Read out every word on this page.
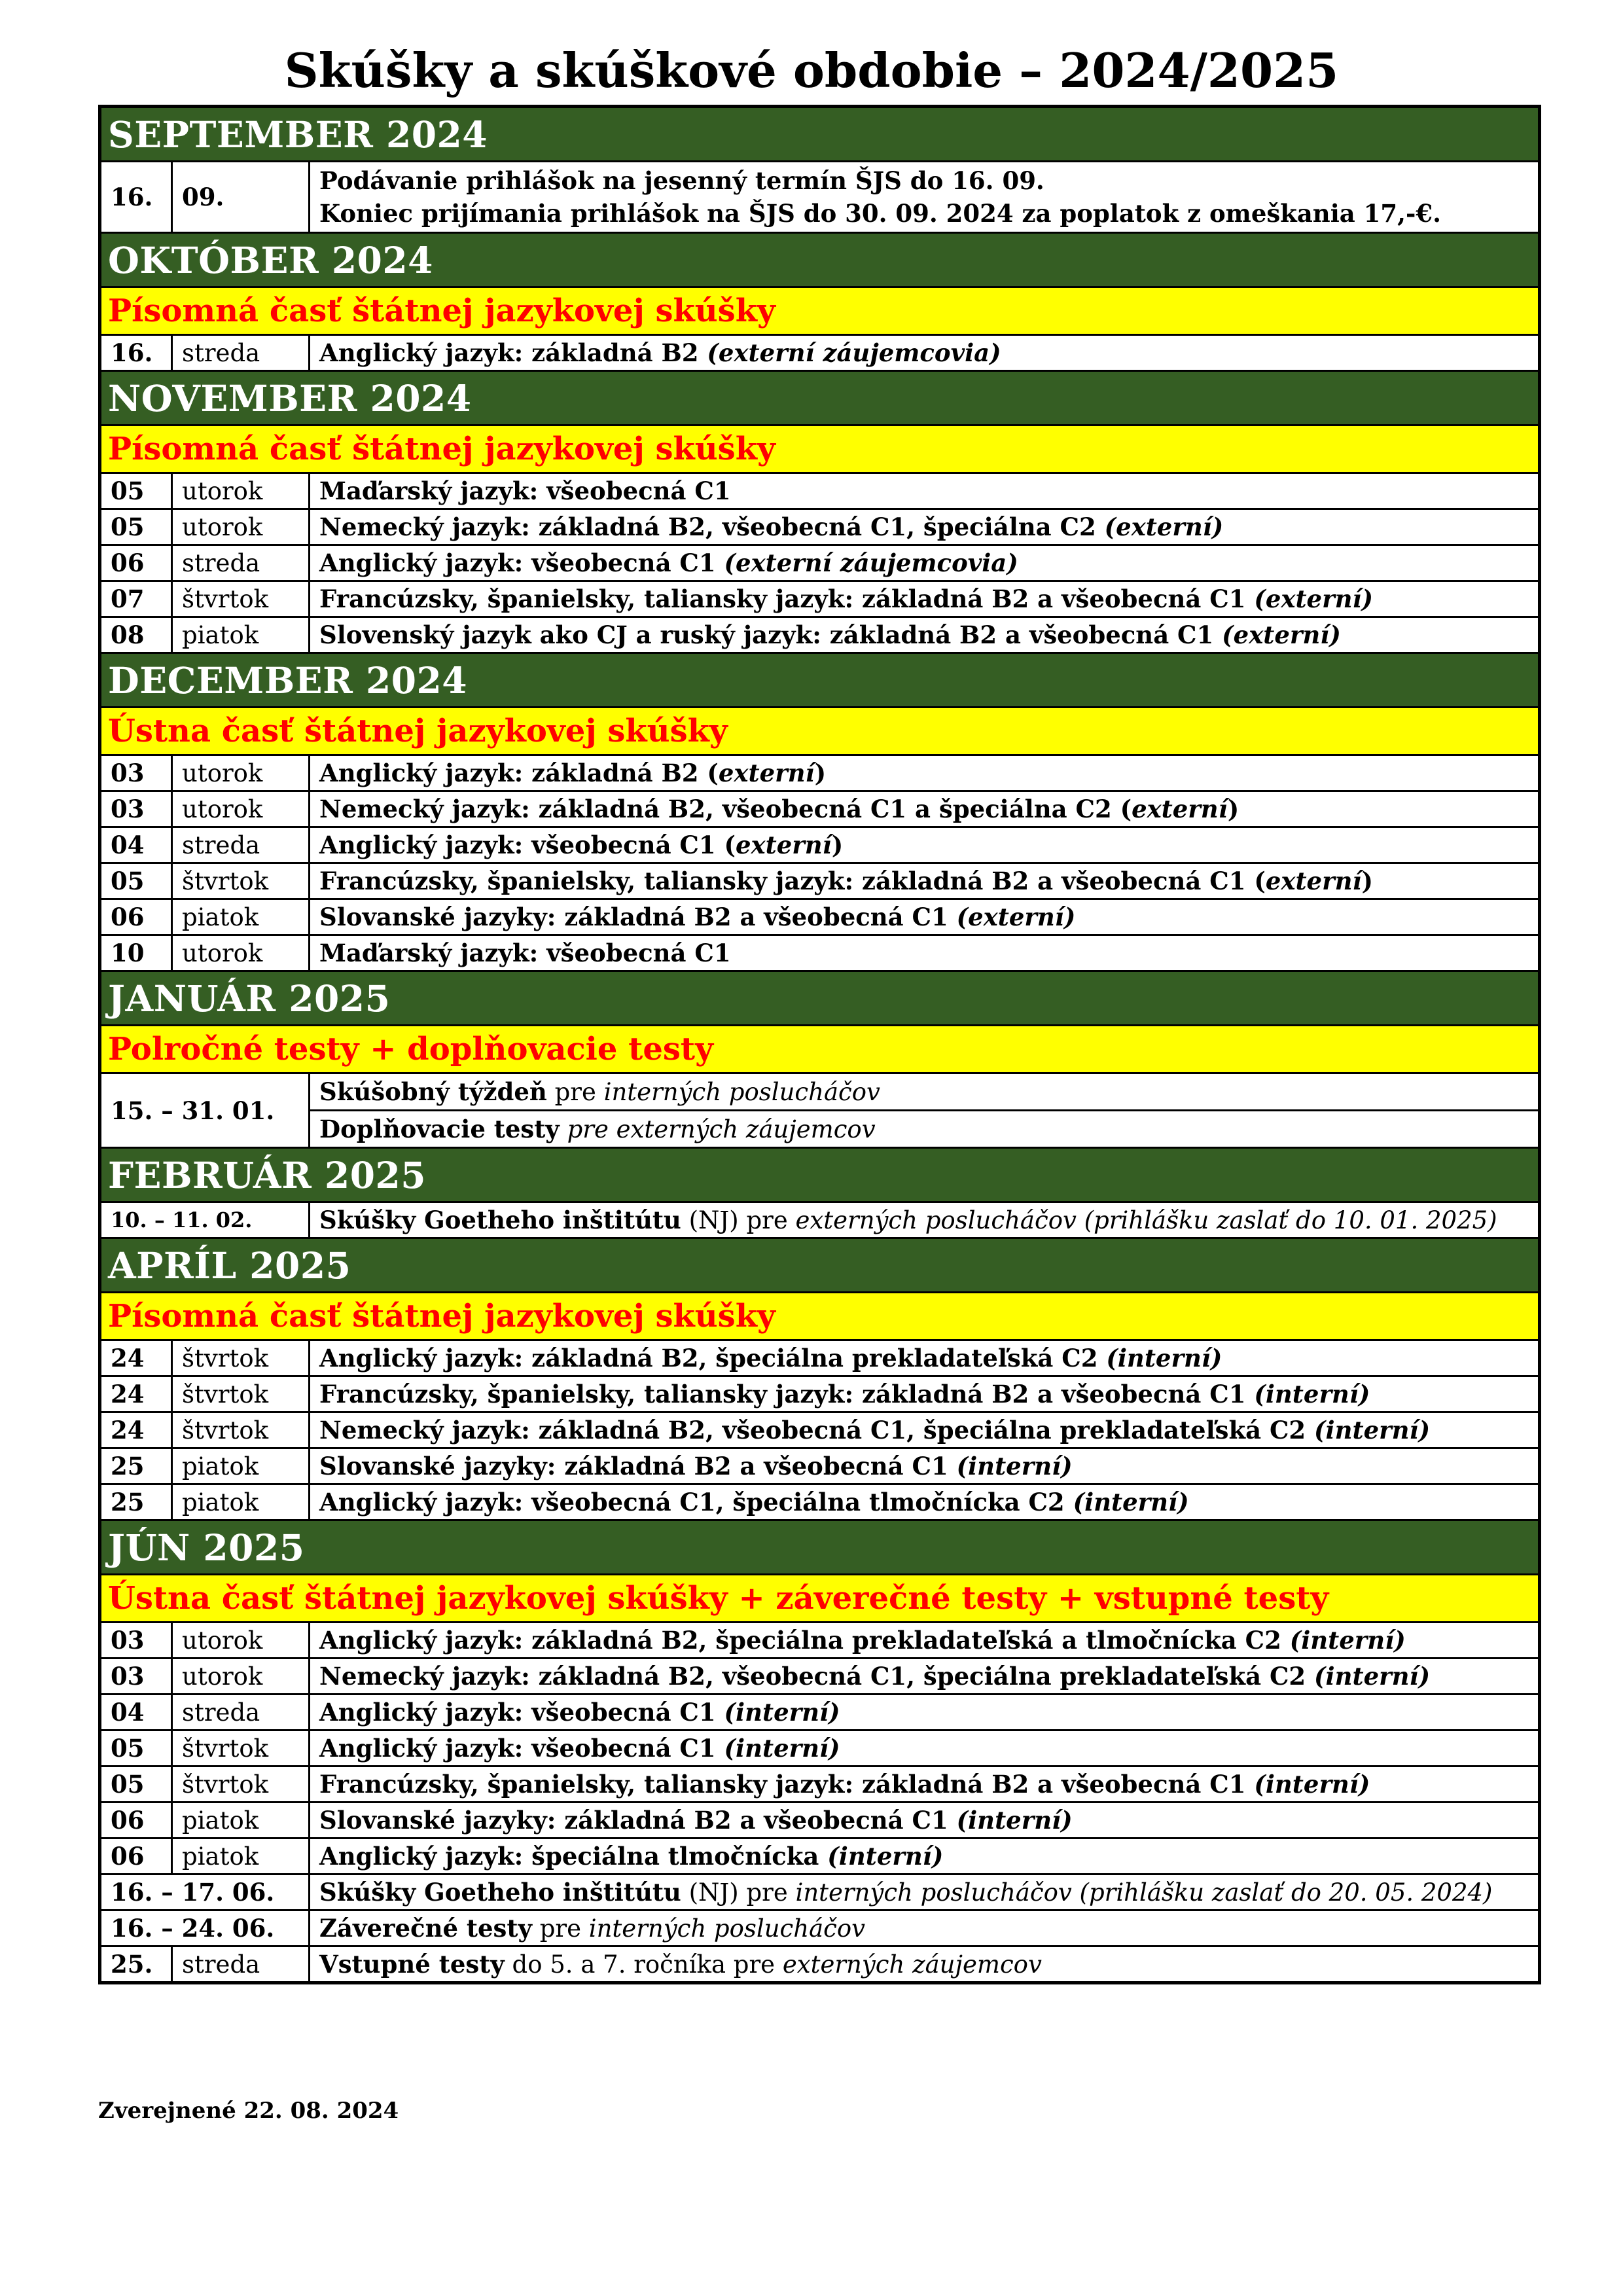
Skúšky a skúškové obdobie – 2024/2025
SEPTEMBER 2024		
16.	09.	Podávanie prihlášok na jesenný termín ŠJS do 16. 09.
Koniec prijímania prihlášok na ŠJS do 30. 09. 2024 za poplatok z omeškania 17,-€.

OKTÓBER 2024		
Písomná časť štátnej jazykovej skúšky		
16.	streda	Anglický jazyk: základná B2 (externí záujemcovia)
NOVEMBER 2024		
Písomná časť štátnej jazykovej skúšky		
05	utorok	Maďarský jazyk: všeobecná C1
05	utorok	Nemecký jazyk: základná B2, všeobecná C1, špeciálna C2 (externí)
06	streda	Anglický jazyk: všeobecná C1 (externí záujemcovia)
07	štvrtok	Francúzsky, španielsky, taliansky jazyk: základná B2 a všeobecná C1 (externí)
08	piatok	Slovenský jazyk ako CJ a ruský jazyk: základná B2 a všeobecná C1 (externí)
DECEMBER 2024		
Ústna časť štátnej jazykovej skúšky		
03	utorok	Anglický jazyk: základná B2 (externí)
03	utorok	Nemecký jazyk: základná B2, všeobecná C1 a špeciálna C2 (externí)
04	streda	Anglický jazyk: všeobecná C1 (externí)
05	štvrtok	Francúzsky, španielsky, taliansky jazyk: základná B2 a všeobecná C1 (externí)
06	piatok	Slovanské jazyky: základná B2 a všeobecná C1 (externí)
10	utorok	Maďarský jazyk: všeobecná C1
JANUÁR 2025		
Polročné testy + doplňovacie testy		
15. – 31. 01.		Skúšobný týždeň pre interných poslucháčov
		Doplňovacie testy pre externých záujemcov
FEBRUÁR 2025		
10. – 11. 02.		Skúšky Goetheho inštitútu (NJ) pre externých poslucháčov (prihlášku zaslať do 10. 01. 2025)
APRÍL 2025		
Písomná časť štátnej jazykovej skúšky		
24	štvrtok	Anglický jazyk: základná B2, špeciálna prekladateľská C2 (interní)
24	štvrtok	Francúzsky, španielsky, taliansky jazyk: základná B2 a všeobecná C1 (interní)
24	štvrtok	Nemecký jazyk: základná B2, všeobecná C1, špeciálna prekladateľská C2 (interní)
25	piatok	Slovanské jazyky: základná B2 a všeobecná C1 (interní)
25	piatok	Anglický jazyk: všeobecná C1, špeciálna tlmočnícka C2 (interní)
JÚN 2025		
Ústna časť štátnej jazykovej skúšky + záverečné testy + vstupné testy		
03	utorok	Anglický jazyk: základná B2, špeciálna prekladateľská a tlmočnícka C2 (interní)
03	utorok	Nemecký jazyk: základná B2, všeobecná C1, špeciálna prekladateľská C2 (interní)
04	streda	Anglický jazyk: všeobecná C1 (interní)
05	štvrtok	Anglický jazyk: všeobecná C1 (interní)
05	štvrtok	Francúzsky, španielsky, taliansky jazyk: základná B2 a všeobecná C1 (interní)
06	piatok	Slovanské jazyky: základná B2 a všeobecná C1 (interní)
06	piatok	Anglický jazyk: špeciálna tlmočnícka (interní)
16. – 17. 06.		Skúšky Goetheho inštitútu (NJ) pre interných poslucháčov (prihlášku zaslať do 20. 05. 2024)
16. – 24. 06.		Záverečné testy pre interných poslucháčov
25.	streda	Vstupné testy do 5. a 7. ročníka pre externých záujemcov
Zverejnené 22. 08. 2024
